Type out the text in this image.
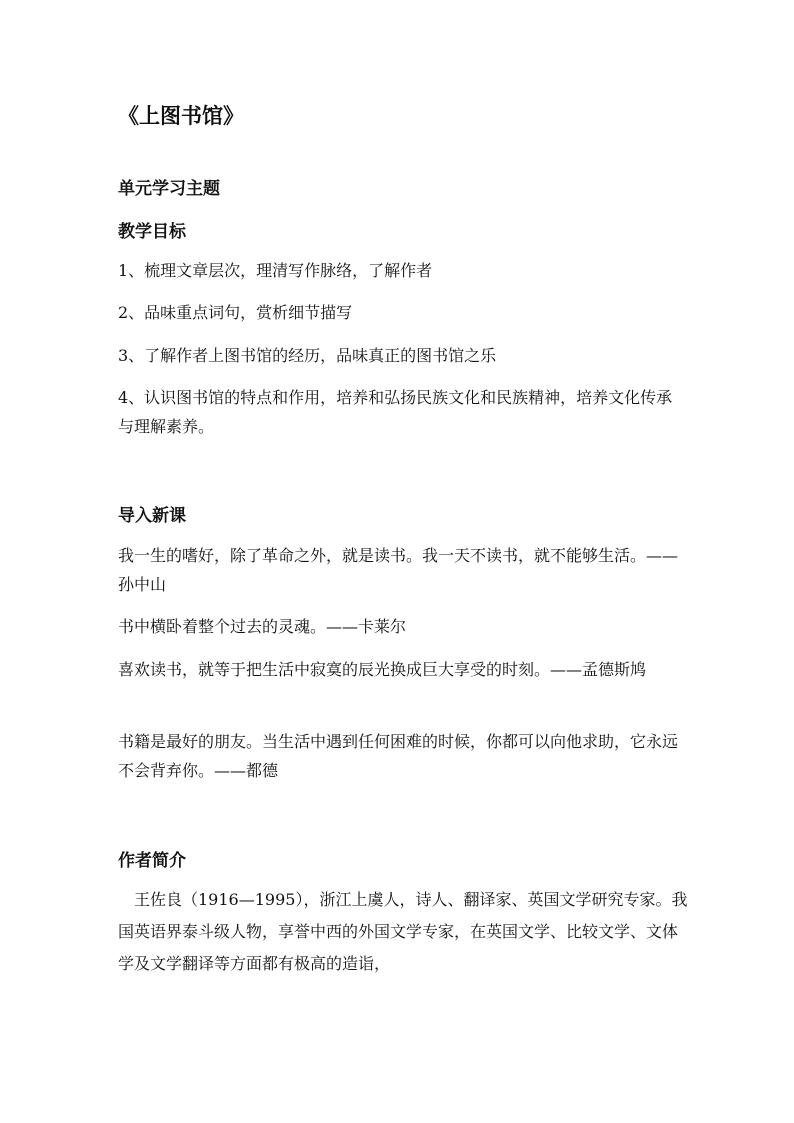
《上图书馆》
单元学习主题
教学目标
1、梳理文章层次，理清写作脉络，了解作者
2、品味重点词句，赏析细节描写
3、了解作者上图书馆的经历，品味真正的图书馆之乐
4、认识图书馆的特点和作用，培养和弘扬民族文化和民族精神，培养文化传承与理解素养。
导入新课
我一生的嗜好，除了革命之外，就是读书。我一天不读书，就不能够生活。——孙中山
书中横卧着整个过去的灵魂。——卡莱尔
喜欢读书，就等于把生活中寂寞的辰光换成巨大享受的时刻。——孟德斯鸠
书籍是最好的朋友。当生活中遇到任何困难的时候，你都可以向他求助，它永远不会背弃你。——都德
作者简介
王佐良（1916—1995），浙江上虞人，诗人、翻译家、英国文学研究专家。我国英语界泰斗级人物，享誉中西的外国文学专家，在英国文学、比较文学、文体学及文学翻译等方面都有极高的造诣，
